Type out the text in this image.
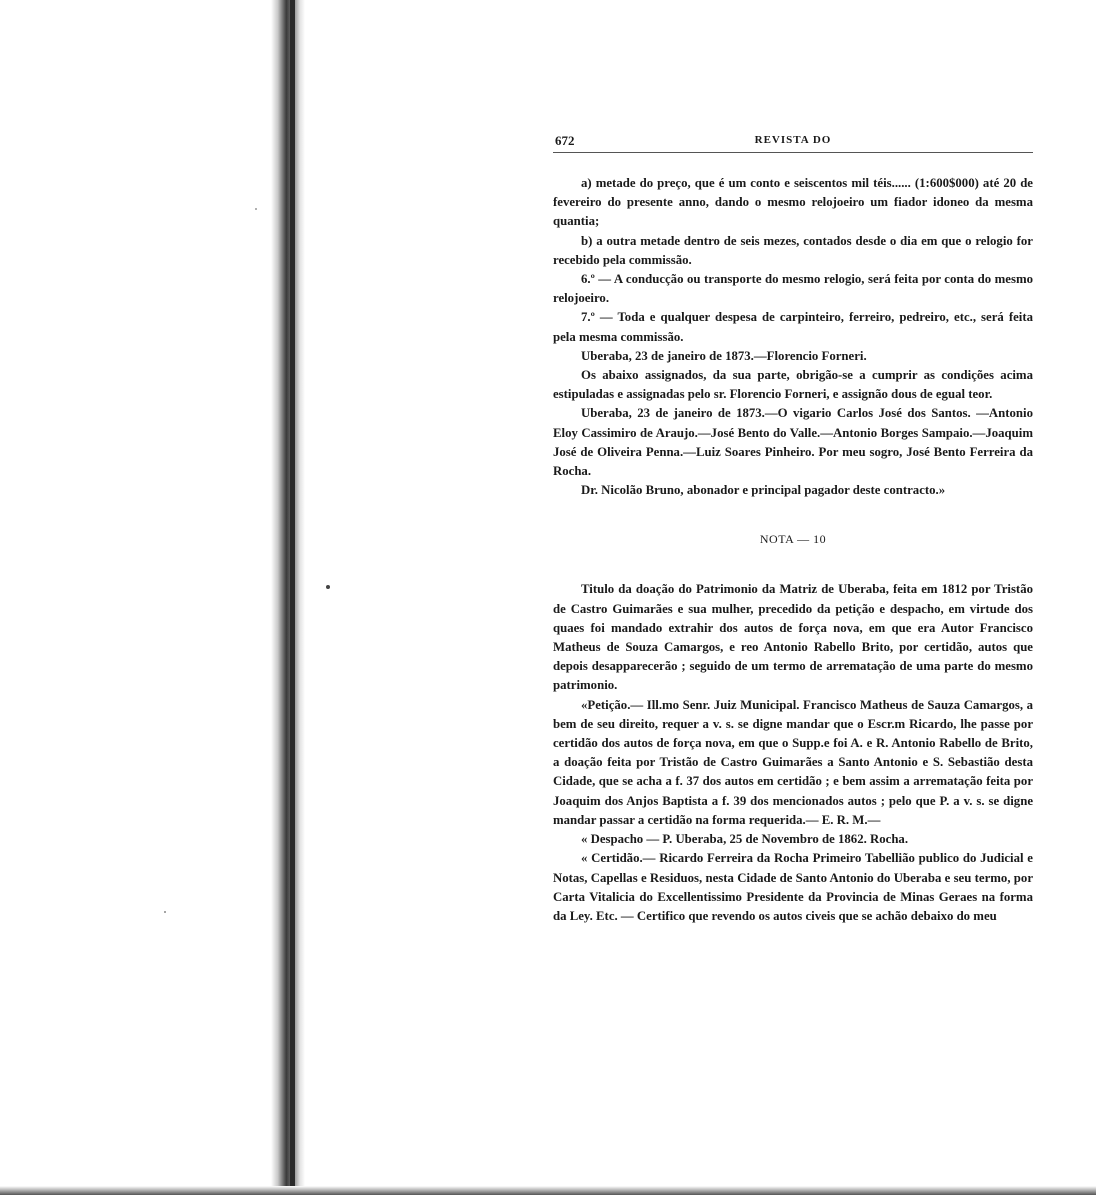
672	REVISTA DO

a) metade do preço, que é um conto e seiscentos mil téis...... (1:600$000) até 20 de fevereiro do presente anno, dando o mesmo relojoeiro um fiador idoneo da mesma quantia;

b) a outra metade dentro de seis mezes, contados desde o dia em que o relogio for recebido pela commissão.

6.º — A conducção ou transporte do mesmo relogio, será feita por conta do mesmo relojoeiro.

7.º — Toda e qualquer despesa de carpinteiro, ferreiro, pedreiro, etc., será feita pela mesma commissão.

Uberaba, 23 de janeiro de 1873.—Florencio Forneri.

Os abaixo assignados, da sua parte, obrigão-se a cumprir as condições acima estipuladas e assignadas pelo sr. Florencio Forneri, e assignão dous de egual teor.

Uberaba, 23 de janeiro de 1873.—O vigario Carlos José dos Santos. —Antonio Eloy Cassimiro de Araujo.—José Bento do Valle.—Antonio Borges Sampaio.—Joaquim José de Oliveira Penna.—Luiz Soares Pinheiro. Por meu sogro, José Bento Ferreira da Rocha.

Dr. Nicolão Bruno, abonador e principal pagador deste contracto.»

NOTA — 10

Titulo da doação do Patrimonio da Matriz de Uberaba, feita em 1812 por Tristão de Castro Guimarães e sua mulher, precedido da petição e despacho, em virtude dos quaes foi mandado extrahir dos autos de força nova, em que era Autor Francisco Matheus de Souza Camargos, e reo Antonio Rabello Brito, por certidão, autos que depois desapparecerão ; seguido de um termo de arrematação de uma parte do mesmo patrimonio.

«Petição.— Ill.mo Senr. Juiz Municipal. Francisco Matheus de Sauza Camargos, a bem de seu direito, requer a v. s. se digne mandar que o Escr.m Ricardo, lhe passe por certidão dos autos de força nova, em que o Supp.e foi A. e R. Antonio Rabello de Brito, a doação feita por Tristão de Castro Guimarães a Santo Antonio e S. Sebastião desta Cidade, que se acha a f. 37 dos autos em certidão ; e bem assim a arrematação feita por Joaquim dos Anjos Baptista a f. 39 dos mencionados autos ; pelo que P. a v. s. se digne mandar passar a certidão na forma requerida.— E. R. M.—

« Despacho — P. Uberaba, 25 de Novembro de 1862. Rocha.

« Certidão.— Ricardo Ferreira da Rocha Primeiro Tabellião publico do Judicial e Notas, Capellas e Residuos, nesta Cidade de Santo Antonio do Uberaba e seu termo, por Carta Vitalicia do Excellentissimo Presidente da Provincia de Minas Geraes na forma da Ley. Etc. — Certifico que revendo os autos civeis que se achão debaixo do meu
